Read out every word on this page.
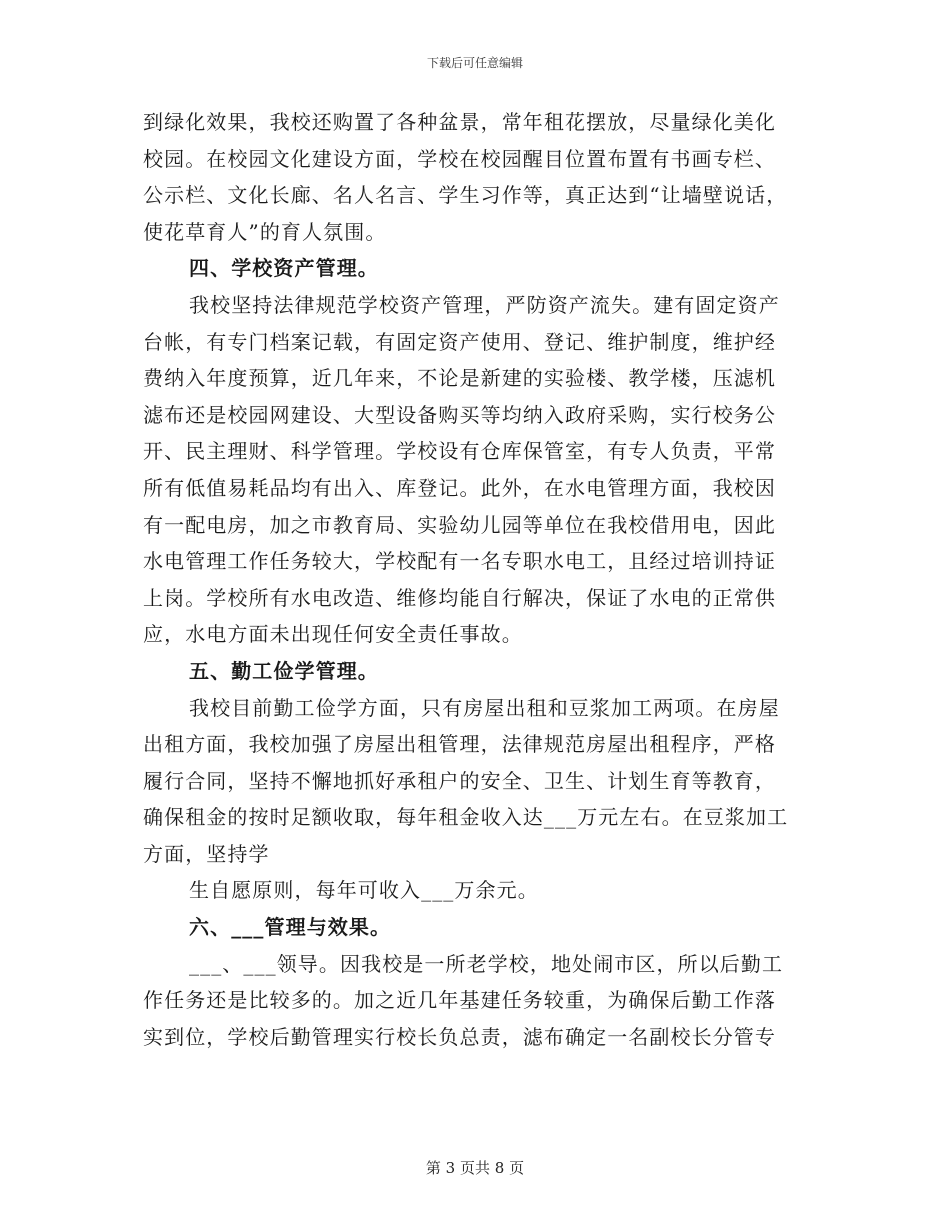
下载后可任意编辑
到绿化效果，我校还购置了各种盆景，常年租花摆放，尽量绿化美化
校园。在校园文化建设方面，学校在校园醒目位置布置有书画专栏、
公示栏、文化长廊、名人名言、学生习作等，真正达到“让墙壁说话，
使花草育人”的育人氛围。
四、学校资产管理。
我校坚持法律规范学校资产管理，严防资产流失。建有固定资产
台帐，有专门档案记载，有固定资产使用、登记、维护制度，维护经
费纳入年度预算，近几年来，不论是新建的实验楼、教学楼，压滤机
滤布还是校园网建设、大型设备购买等均纳入政府采购，实行校务公
开、民主理财、科学管理。学校设有仓库保管室，有专人负责，平常
所有低值易耗品均有出入、库登记。此外，在水电管理方面，我校因
有一配电房，加之市教育局、实验幼儿园等单位在我校借用电，因此
水电管理工作任务较大，学校配有一名专职水电工，且经过培训持证
上岗。学校所有水电改造、维修均能自行解决，保证了水电的正常供
应，水电方面未出现任何安全责任事故。
五、勤工俭学管理。
我校目前勤工俭学方面，只有房屋出租和豆浆加工两项。在房屋
出租方面，我校加强了房屋出租管理，法律规范房屋出租程序，严格
履行合同，坚持不懈地抓好承租户的安全、卫生、计划生育等教育，
确保租金的按时足额收取，每年租金收入达___万元左右。在豆浆加工
方面，坚持学
生自愿原则，每年可收入___万余元。
六、___管理与效果。
___、___领导。因我校是一所老学校，地处闹市区，所以后勤工
作任务还是比较多的。加之近几年基建任务较重，为确保后勤工作落
实到位，学校后勤管理实行校长负总责，滤布确定一名副校长分管专
第 3 页共 8 页
